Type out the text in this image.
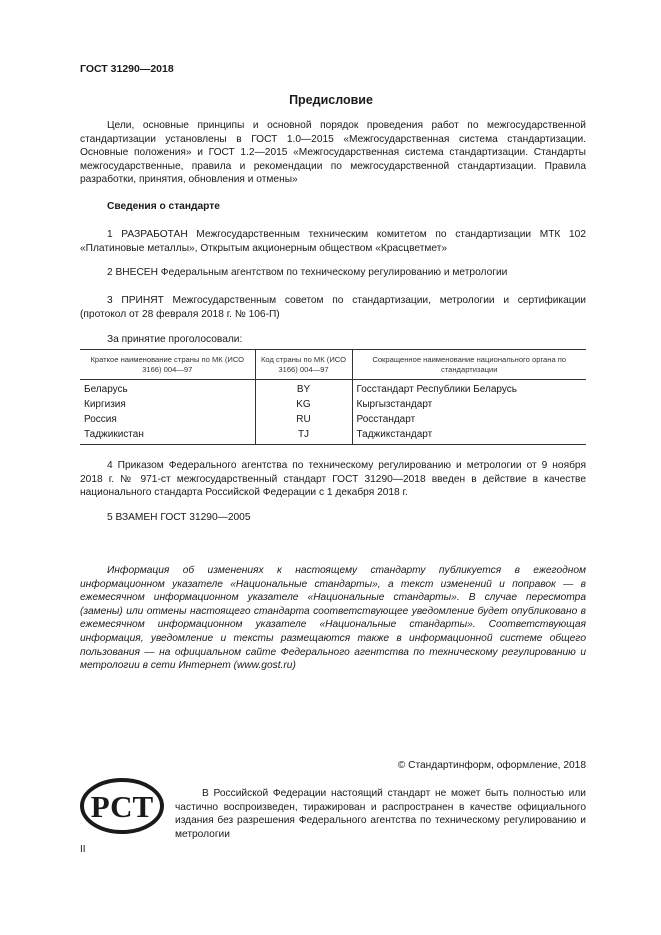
ГОСТ 31290—2018
Предисловие
Цели, основные принципы и основной порядок проведения работ по межгосударственной стандартизации установлены в ГОСТ 1.0—2015 «Межгосударственная система стандартизации. Основные положения» и ГОСТ 1.2—2015 «Межгосударственная система стандартизации. Стандарты межгосударственные, правила и рекомендации по межгосударственной стандартизации. Правила разработки, принятия, обновления и отмены»
Сведения о стандарте
1 РАЗРАБОТАН Межгосударственным техническим комитетом по стандартизации МТК 102 «Платиновые металлы», Открытым акционерным обществом «Красцветмет»
2 ВНЕСЕН Федеральным агентством по техническому регулированию и метрологии
3 ПРИНЯТ Межгосударственным советом по стандартизации, метрологии и сертификации (протокол от 28 февраля 2018 г. № 106-П)
За принятие проголосовали:
Краткое наименование страны по МК (ИСО 3166) 004—97	Код страны по МК (ИСО 3166) 004—97	Сокращенное наименование национального органа по стандартизации
Беларусь	BY	Госстандарт Республики Беларусь
Киргизия	KG	Кыргызстандарт
Россия	RU	Росстандарт
Таджикистан	TJ	Таджикстандарт
4 Приказом Федерального агентства по техническому регулированию и метрологии от 9 ноября 2018 г. № 971-ст межгосударственный стандарт ГОСТ 31290—2018 введен в действие в качестве национального стандарта Российской Федерации с 1 декабря 2018 г.
5 ВЗАМЕН ГОСТ 31290—2005
Информация об изменениях к настоящему стандарту публикуется в ежегодном информационном указателе «Национальные стандарты», а текст изменений и поправок — в ежемесячном информационном указателе «Национальные стандарты». В случае пересмотра (замены) или отмены настоящего стандарта соответствующее уведомление будет опубликовано в ежемесячном информационном указателе «Национальные стандарты». Соответствующая информация, уведомление и тексты размещаются также в информационной системе общего пользования — на официальном сайте Федерального агентства по техническому регулированию и метрологии в сети Интернет (www.gost.ru)
© Стандартинформ, оформление, 2018
РСТ	В Российской Федерации настоящий стандарт не может быть полностью или частично воспроизведен, тиражирован и распространен в качестве официального издания без разрешения Федерального агентства по техническому регулированию и метрологии
II
